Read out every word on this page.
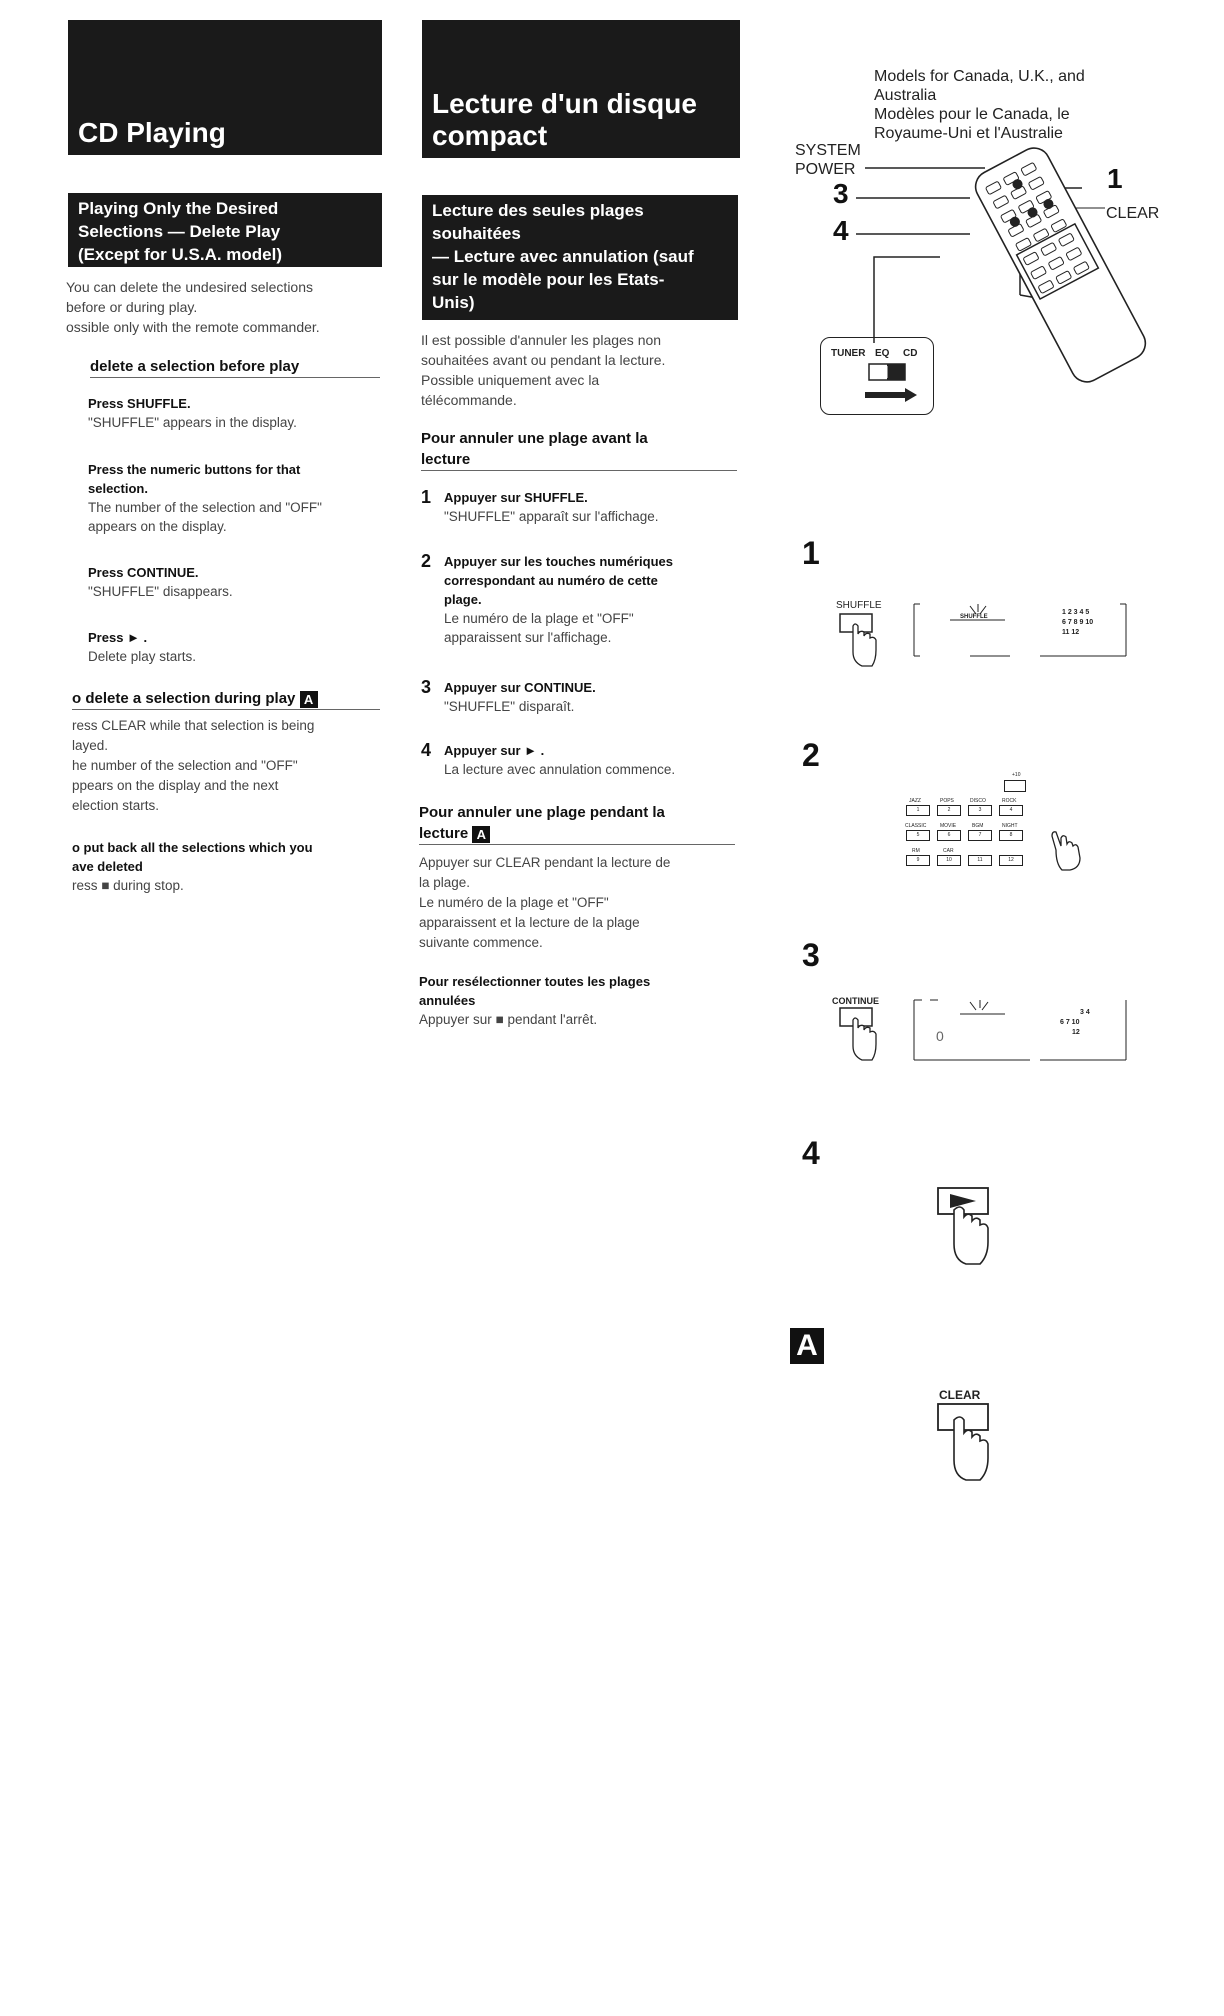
CD Playing
Playing Only the Desired
Selections — Delete Play
(Except for U.S.A. model)
You can delete the undesired selections
before or during play.
ossible only with the remote commander.
delete a selection before play
Press SHUFFLE.
"SHUFFLE" appears in the display.
Press the numeric buttons for that selection.
The number of the selection and "OFF"
appears on the display.
Press CONTINUE.
"SHUFFLE" disappears.
Press ► .
Delete play starts.
o delete a selection during play A
ress CLEAR while that selection is being
layed.
he number of the selection and "OFF"
ppears on the display and the next
election starts.
o put back all the selections which you
ave deleted
ress ■ during stop.
Lecture d'un disque
compact
Lecture des seules plages
souhaitées
— Lecture avec annulation (sauf
sur le modèle pour les Etats-
Unis)
Il est possible d'annuler les plages non
souhaitées avant ou pendant la lecture.
Possible uniquement avec la
télécommande.
Pour annuler une plage avant la
lecture
1 Appuyer sur SHUFFLE.
"SHUFFLE" apparaît sur l'affichage.
2 Appuyer sur les touches numériques
correspondant au numéro de cette
plage.
Le numéro de la plage et "OFF"
apparaissent sur l'affichage.
3 Appuyer sur CONTINUE.
"SHUFFLE" disparaît.
4 Appuyer sur ► .
La lecture avec annulation commence.
Pour annuler une plage pendant la
lecture A
Appuyer sur CLEAR pendant la lecture de
la plage.
Le numéro de la plage et "OFF"
apparaissent et la lecture de la plage
suivante commence.
Pour resélectionner toutes les plages
annulées
Appuyer sur ■ pendant l'arrêt.
Models for Canada, U.K., and
Australia
Modèles pour le Canada, le
Royaume-Uni et l'Australie
SYSTEM
POWER
3
4
1
CLEAR
TUNER EQ CD
1
2
3
4
SHUFFLE
SHUFFLE
1 2 3 4 5
6 7 8 9 10
11 12
+10
JAZZ	POPS	DISCO	ROCK
1	2	3	4
CLASSIC	MOVIE	BGM	NIGHT
5	6	7	8
RM	CAR
9	10	11	12
CONTINUE
0
3 4
6 7 10
12
A
CLEAR
